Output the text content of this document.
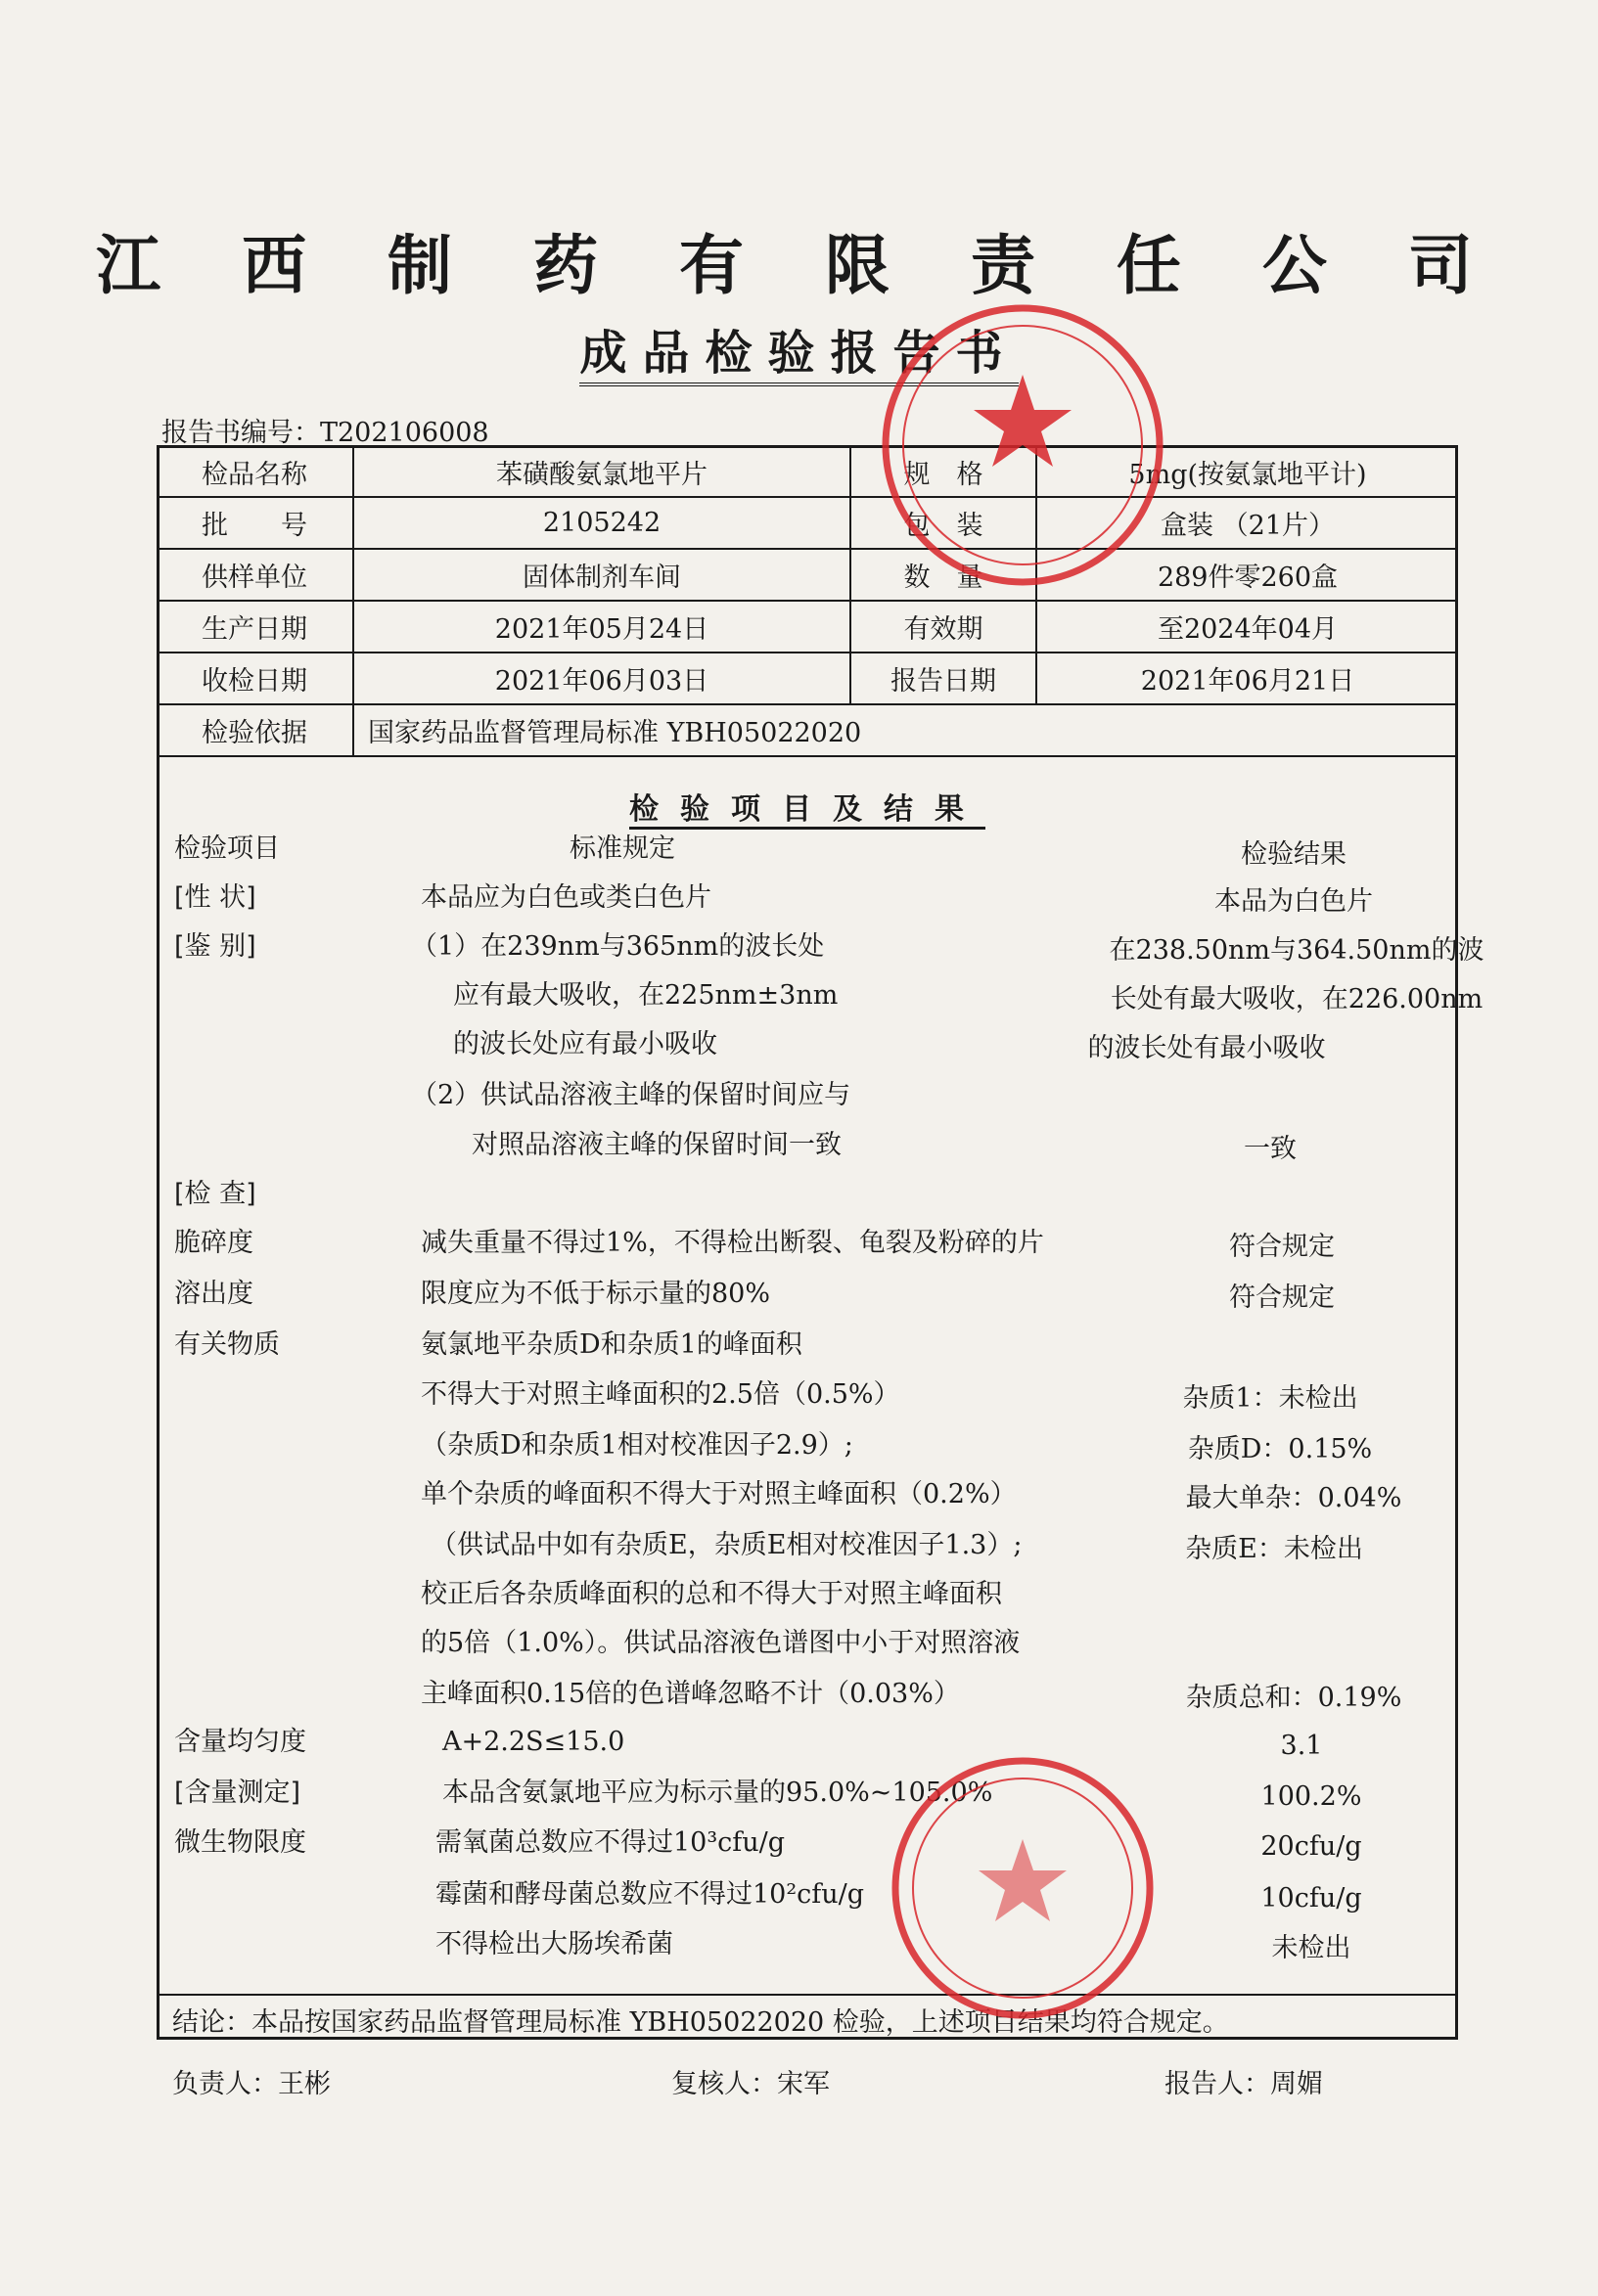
江 西 制 药 有 限 责 任 公 司
成品检验报告书
报告书编号：T202106008
检品名称	苯磺酸氨氯地平片	规　格	5mg(按氨氯地平计)
批　　号	2105242	包　装	盒装 （21片）
供样单位	固体制剂车间	数　量	289件零260盒
生产日期	2021年05月24日	有效期	至2024年04月
收检日期	2021年06月03日	报告日期	2021年06月21日
检验依据	国家药品监督管理局标准 YBH05022020
检验项目及结果
检验项目	标准规定	检验结果
[性 状]	本品应为白色或类白色片	本品为白色片
[鉴 别]	（1）在239nm与365nm的波长处	在238.50nm与364.50nm的波
应有最大吸收，在225nm±3nm	长处有最大吸收，在226.00nm
的波长处应有最小吸收	的波长处有最小吸收
（2）供试品溶液主峰的保留时间应与
对照品溶液主峰的保留时间一致	一致
[检 查]
脆碎度	减失重量不得过1%，不得检出断裂、龟裂及粉碎的片	符合规定
溶出度	限度应为不低于标示量的80%	符合规定
有关物质	氨氯地平杂质D和杂质1的峰面积
不得大于对照主峰面积的2.5倍（0.5%）	杂质1：未检出
（杂质D和杂质1相对校准因子2.9）;	杂质D：0.15%
单个杂质的峰面积不得大于对照主峰面积（0.2%）	最大单杂：0.04%
（供试品中如有杂质E，杂质E相对校准因子1.3）;	杂质E：未检出
校正后各杂质峰面积的总和不得大于对照主峰面积
的5倍（1.0%）。供试品溶液色谱图中小于对照溶液
主峰面积0.15倍的色谱峰忽略不计（0.03%）	杂质总和：0.19%
含量均匀度	A+2.2S≤15.0	3.1
[含量测定]	本品含氨氯地平应为标示量的95.0%~105.0%	100.2%
微生物限度	需氧菌总数应不得过10³cfu/g	20cfu/g
霉菌和酵母菌总数应不得过10²cfu/g	10cfu/g
不得检出大肠埃希菌	未检出
结论：本品按国家药品监督管理局标准 YBH05022020 检验，上述项目结果均符合规定。
负责人：王彬	复核人：宋军	报告人：周媚
